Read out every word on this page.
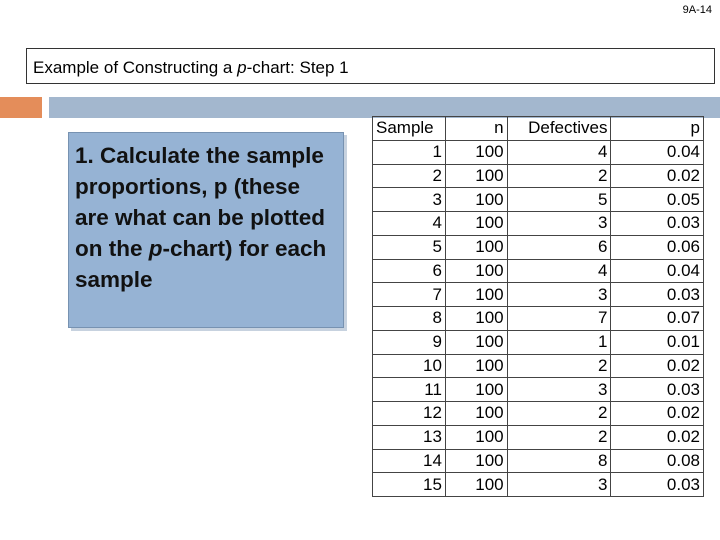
9A-14
Example of Constructing a p-chart: Step 1

1. Calculate the sample proportions, p (these are what can be plotted on the p-chart) for each sample

Sample	n	Defectives	p
1	100	4	0.04
2	100	2	0.02
3	100	5	0.05
4	100	3	0.03
5	100	6	0.06
6	100	4	0.04
7	100	3	0.03
8	100	7	0.07
9	100	1	0.01
10	100	2	0.02
11	100	3	0.03
12	100	2	0.02
13	100	2	0.02
14	100	8	0.08
15	100	3	0.03
